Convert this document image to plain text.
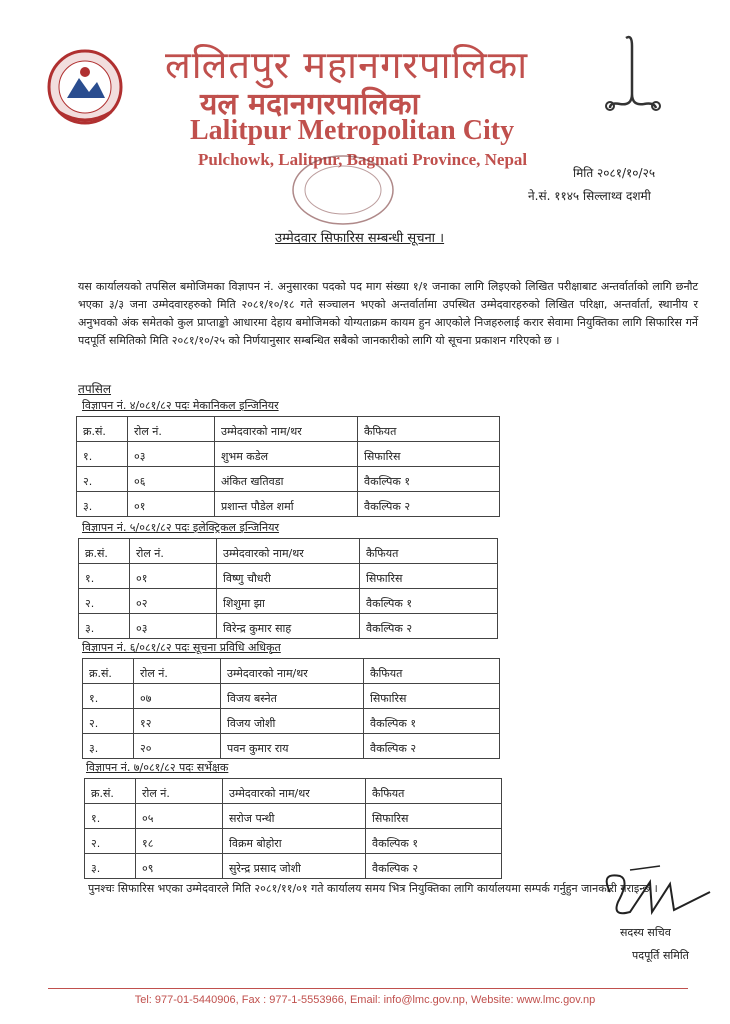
ललितपुर महानगरपालिका
यल मदानगरपालिका
Lalitpur Metropolitan City
Pulchowk, Lalitpur, Bagmati Province, Nepal
मिति २०८१/१०/२५
ने.सं. ११४५ सिल्लाथ्व दशमी
उम्मेदवार सिफारिस सम्बन्धी सूचना ।
यस कार्यालयको तपसिल बमोजिमका विज्ञापन नं. अनुसारका पदको पद माग संख्या १/१ जनाका लागि लिइएको लिखित परीक्षाबाट अन्तर्वार्ताको लागि छनौट भएका ३/३ जना उम्मेदवारहरुको मिति २०८१/१०/१८ गते सञ्चालन भएको अन्तर्वार्तामा उपस्थित उम्मेदवारहरुको लिखित परिक्षा, अन्तर्वार्ता, स्थानीय र अनुभवको अंक समेतको कुल प्राप्ताङ्को आधारमा देहाय बमोजिमको योग्यताक्रम कायम हुन आएकोले निजहरुलाई करार सेवामा नियुक्तिका लागि सिफारिस गर्ने पदपूर्ति समितिको मिति २०८१/१०/२५ को निर्णयानुसार सम्बन्धित सबैको जानकारीको लागि यो सूचना प्रकाशन गरिएको छ ।
तपसिल
विज्ञापन नं. ४/०८१/८२ पदः मेकानिकल इन्जिनियर
क्र.सं.	रोल नं.	उम्मेदवारको नाम/थर	कैफियत
१.	०३	शुभम कडेल	सिफारिस
२.	०६	अंकित खतिवडा	वैकल्पिक १
३.	०१	प्रशान्त पौडेल शर्मा	वैकल्पिक २
विज्ञापन नं. ५/०८१/८२ पदः इलेक्ट्रिकल इन्जिनियर
क्र.सं.	रोल नं.	उम्मेदवारको नाम/थर	कैफियत
१.	०१	विष्णु चौधरी	सिफारिस
२.	०२	शिशुमा झा	वैकल्पिक १
३.	०३	विरेन्द्र कुमार साह	वैकल्पिक २
विज्ञापन नं. ६/०८१/८२ पदः सूचना प्रविधि अधिकृत
क्र.सं.	रोल नं.	उम्मेदवारको नाम/थर	कैफियत
१.	०७	विजय बस्नेत	सिफारिस
२.	१२	विजय जोशी	वैकल्पिक १
३.	२०	पवन कुमार राय	वैकल्पिक २
विज्ञापन नं. ७/०८१/८२ पदः सर्भेक्षक
क्र.सं.	रोल नं.	उम्मेदवारको नाम/थर	कैफियत
१.	०५	सरोज पन्थी	सिफारिस
२.	१८	विक्रम बोहोरा	वैकल्पिक १
३.	०९	सुरेन्द्र प्रसाद जोशी	वैकल्पिक २
पुनश्चः सिफारिस भएका उम्मेदवारले मिति २०८१/११/०१ गते कार्यालय समय भित्र नियुक्तिका लागि कार्यालयमा सम्पर्क गर्नुहुन जानकारी गराइन्छ ।
सदस्य सचिव
पदपूर्ति समिति
Tel: 977-01-5440906, Fax : 977-1-5553966, Email: info@lmc.gov.np, Website: www.lmc.gov.np
